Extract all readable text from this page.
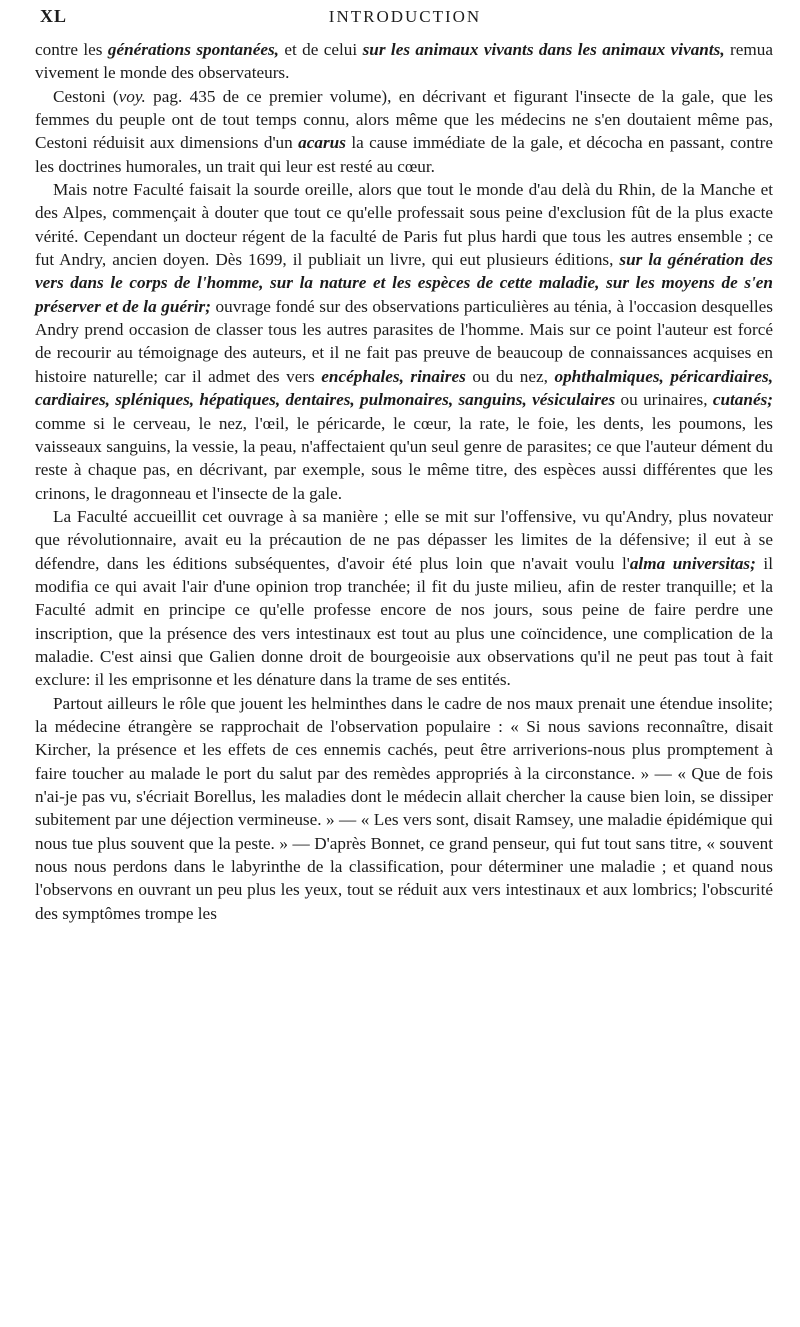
XL	INTRODUCTION

contre les générations spontanées, et de celui sur les animaux vivants dans les animaux vivants, remua vivement le monde des observateurs.

Cestoni (voy. pag. 435 de ce premier volume), en décrivant et figurant l'insecte de la gale, que les femmes du peuple ont de tout temps connu, alors même que les médecins ne s'en doutaient même pas, Cestoni réduisit aux dimensions d'un acarus la cause immédiate de la gale, et décocha en passant, contre les doctrines humorales, un trait qui leur est resté au cœur.

Mais notre Faculté faisait la sourde oreille, alors que tout le monde d'au delà du Rhin, de la Manche et des Alpes, commençait à douter que tout ce qu'elle professait sous peine d'exclusion fût de la plus exacte vérité. Cependant un docteur régent de la faculté de Paris fut plus hardi que tous les autres ensemble ; ce fut Andry, ancien doyen. Dès 1699, il publiait un livre, qui eut plusieurs éditions, sur la génération des vers dans le corps de l'homme, sur la nature et les espèces de cette maladie, sur les moyens de s'en préserver et de la guérir; ouvrage fondé sur des observations particulières au ténia, à l'occasion desquelles Andry prend occasion de classer tous les autres parasites de l'homme. Mais sur ce point l'auteur est forcé de recourir au témoignage des auteurs, et il ne fait pas preuve de beaucoup de connaissances acquises en histoire naturelle; car il admet des vers encéphales, rinaires ou du nez, ophthalmiques, péricardiaires, cardiaires, spléniques, hépatiques, dentaires, pulmonaires, sanguins, vésiculaires ou urinaires, cutanés; comme si le cerveau, le nez, l'œil, le péricarde, le cœur, la rate, le foie, les dents, les poumons, les vaisseaux sanguins, la vessie, la peau, n'affectaient qu'un seul genre de parasites; ce que l'auteur dément du reste à chaque pas, en décrivant, par exemple, sous le même titre, des espèces aussi différentes que les crinons, le dragonneau et l'insecte de la gale.

La Faculté accueillit cet ouvrage à sa manière ; elle se mit sur l'offensive, vu qu'Andry, plus novateur que révolutionnaire, avait eu la précaution de ne pas dépasser les limites de la défensive; il eut à se défendre, dans les éditions subséquentes, d'avoir été plus loin que n'avait voulu l'alma universitas; il modifia ce qui avait l'air d'une opinion trop tranchée; il fit du juste milieu, afin de rester tranquille; et la Faculté admit en principe ce qu'elle professe encore de nos jours, sous peine de faire perdre une inscription, que la présence des vers intestinaux est tout au plus une coïncidence, une complication de la maladie. C'est ainsi que Galien donne droit de bourgeoisie aux observations qu'il ne peut pas tout à fait exclure: il les emprisonne et les dénature dans la trame de ses entités.

Partout ailleurs le rôle que jouent les helminthes dans le cadre de nos maux prenait une étendue insolite; la médecine étrangère se rapprochait de l'observation populaire : « Si nous savions reconnaître, disait Kircher, la présence et les effets de ces ennemis cachés, peut être arriverions-nous plus promptement à faire toucher au malade le port du salut par des remèdes appropriés à la circonstance. » — « Que de fois n'ai-je pas vu, s'écriait Borellus, les maladies dont le médecin allait chercher la cause bien loin, se dissiper subitement par une déjection vermineuse. » — « Les vers sont, disait Ramsey, une maladie épidémique qui nous tue plus souvent que la peste. » — D'après Bonnet, ce grand penseur, qui fut tout sans titre, « souvent nous nous perdons dans le labyrinthe de la classification, pour déterminer une maladie ; et quand nous l'observons en ouvrant un peu plus les yeux, tout se réduit aux vers intestinaux et aux lombrics; l'obscurité des symptômes trompe les
